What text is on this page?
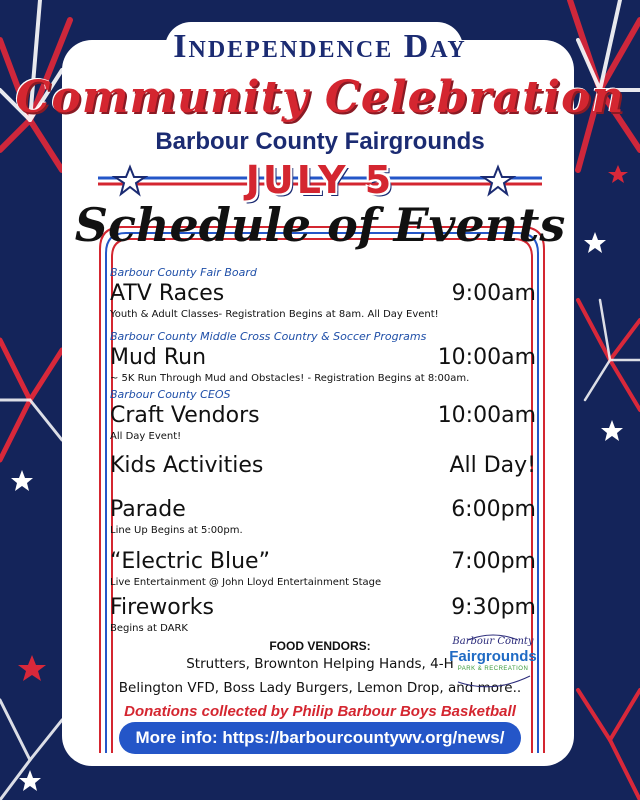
Independence Day
Community Celebration
Barbour County Fairgrounds
JULY 5
Schedule of Events
Barbour County Fair Board
ATV Races	9:00am
Youth & Adult Classes- Registration Begins at 8am. All Day Event!
Barbour County Middle Cross Country & Soccer Programs
Mud Run	10:00am
~ 5K Run Through Mud and Obstacles! - Registration Begins at 8:00am.
Barbour County CEOS
Craft Vendors	10:00am
All Day Event!
Kids Activities	All Day!
Parade	6:00pm
Line Up Begins at 5:00pm.
“Electric Blue”	7:00pm
Live Entertainment @ John Lloyd Entertainment Stage
Fireworks	9:30pm
Begins at DARK
FOOD VENDORS:
Strutters, Brownton Helping Hands, 4-H
Belington VFD, Boss Lady Burgers, Lemon Drop, and more..
Barbour County
Fairgrounds
PARK & RECREATION
Donations collected by Philip Barbour Boys Basketball
More info: https://barbourcountywv.org/news/
